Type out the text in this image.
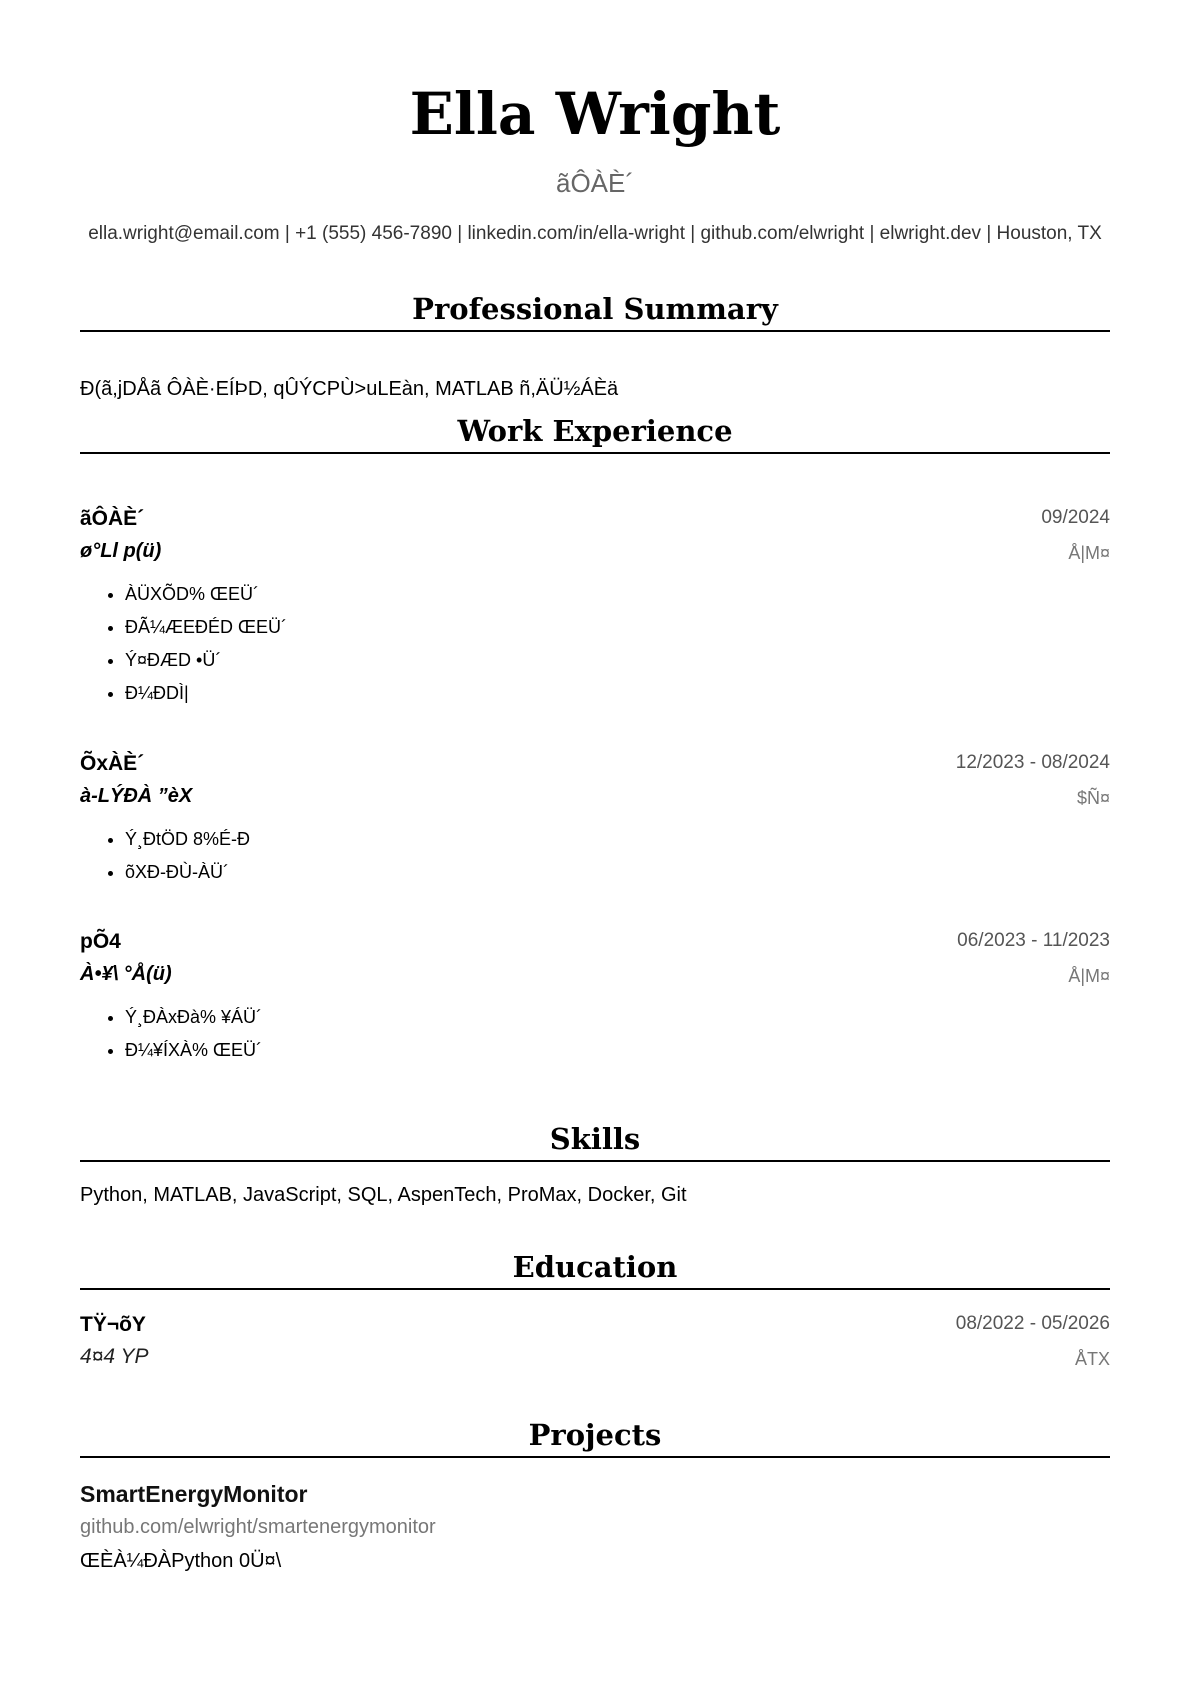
Ella Wright
ãÔÀÈ´
ella.wright@email.com | +1 (555) 456-7890 | linkedin.com/in/ella-wright | github.com/elwright | elwright.dev | Houston, TX
Professional Summary
Ð(ã,jDÅã ÔÀÈ·EÍÞD, qÛÝCPÙ>uLEàn, MATLAB ñ,ÄÜ½ÁÈä
Work Experience
ãÔÀÈ´	09/2024
ø°Ll p(ü)	Å|M¤
• ÀÜXÕD% ŒEÜ´
• ÐÃ¼ÆEÐÉD ŒEÜ´
• Ý¤ÐÆD •Ü´
• Ð¼ÐDÌ|
ÕxÀÈ´	12/2023 - 08/2024
à-LÝĐÀ ”èX	$Ñ¤
• Ý¸ÐtÖD 8%É-Ð
• õXÐ-ÐÙ-ÀÜ´
pÕ4	06/2023 - 11/2023
À•¥\ °Å(ü)	Å|M¤
• Ý¸ÐÀxÐà% ¥ÁÜ´
• Ð¼¥ÍXÀ% ŒEÜ´
Skills
Python, MATLAB, JavaScript, SQL, AspenTech, ProMax, Docker, Git
Education
TŸ¬õY	08/2022 - 05/2026
4¤4 YP	ÅTX
Projects
SmartEnergyMonitor
github.com/elwright/smartenergymonitor
ŒÈÀ¼ÐÀPython 0Ü¤\
